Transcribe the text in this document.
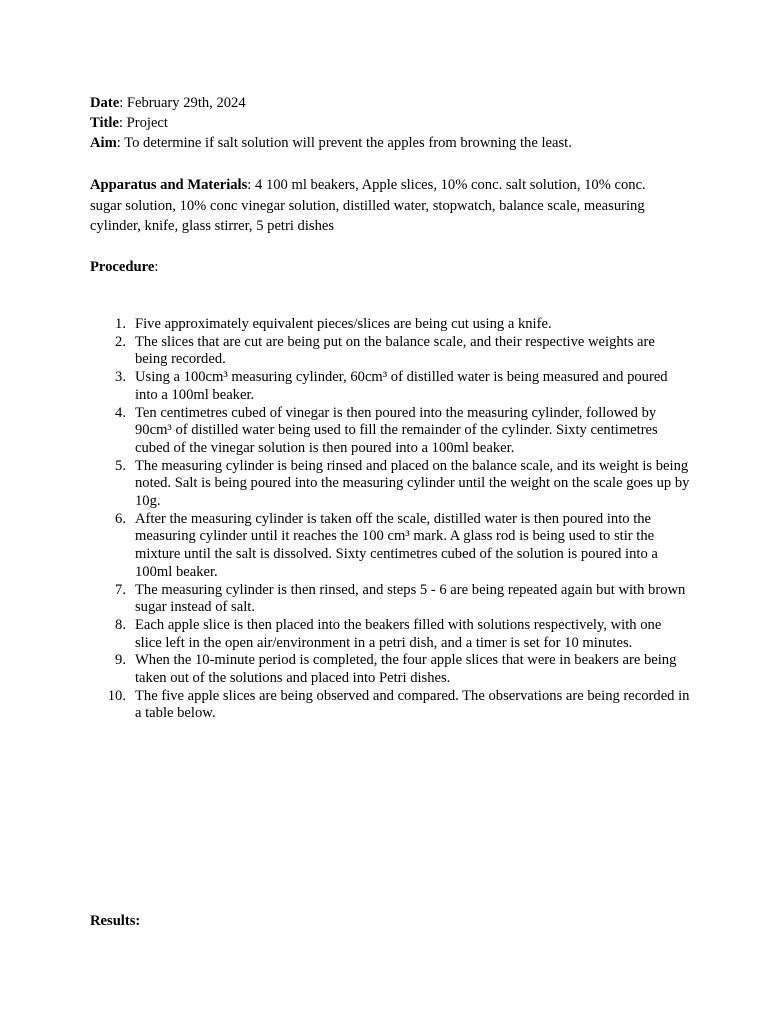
Date: February 29th, 2024
Title: Project
Aim: To determine if salt solution will prevent the apples from browning the least.
Apparatus and Materials: 4 100 ml beakers, Apple slices, 10% conc. salt solution, 10% conc. sugar solution, 10% conc vinegar solution, distilled water, stopwatch, balance scale, measuring cylinder, knife, glass stirrer, 5 petri dishes
Procedure:
1. Five approximately equivalent pieces/slices are being cut using a knife.
2. The slices that are cut are being put on the balance scale, and their respective weights are being recorded.
3. Using a 100cm³ measuring cylinder, 60cm³ of distilled water is being measured and poured into a 100ml beaker.
4. Ten centimetres cubed of vinegar is then poured into the measuring cylinder, followed by 90cm³ of distilled water being used to fill the remainder of the cylinder. Sixty centimetres cubed of the vinegar solution is then poured into a 100ml beaker.
5. The measuring cylinder is being rinsed and placed on the balance scale, and its weight is being noted. Salt is being poured into the measuring cylinder until the weight on the scale goes up by 10g.
6. After the measuring cylinder is taken off the scale, distilled water is then poured into the measuring cylinder until it reaches the 100 cm³ mark. A glass rod is being used to stir the mixture until the salt is dissolved. Sixty centimetres cubed of the solution is poured into a 100ml beaker.
7. The measuring cylinder is then rinsed, and steps 5 - 6 are being repeated again but with brown sugar instead of salt.
8. Each apple slice is then placed into the beakers filled with solutions respectively, with one slice left in the open air/environment in a petri dish, and a timer is set for 10 minutes.
9. When the 10-minute period is completed, the four apple slices that were in beakers are being taken out of the solutions and placed into Petri dishes.
10. The five apple slices are being observed and compared. The observations are being recorded in a table below.
Results:
